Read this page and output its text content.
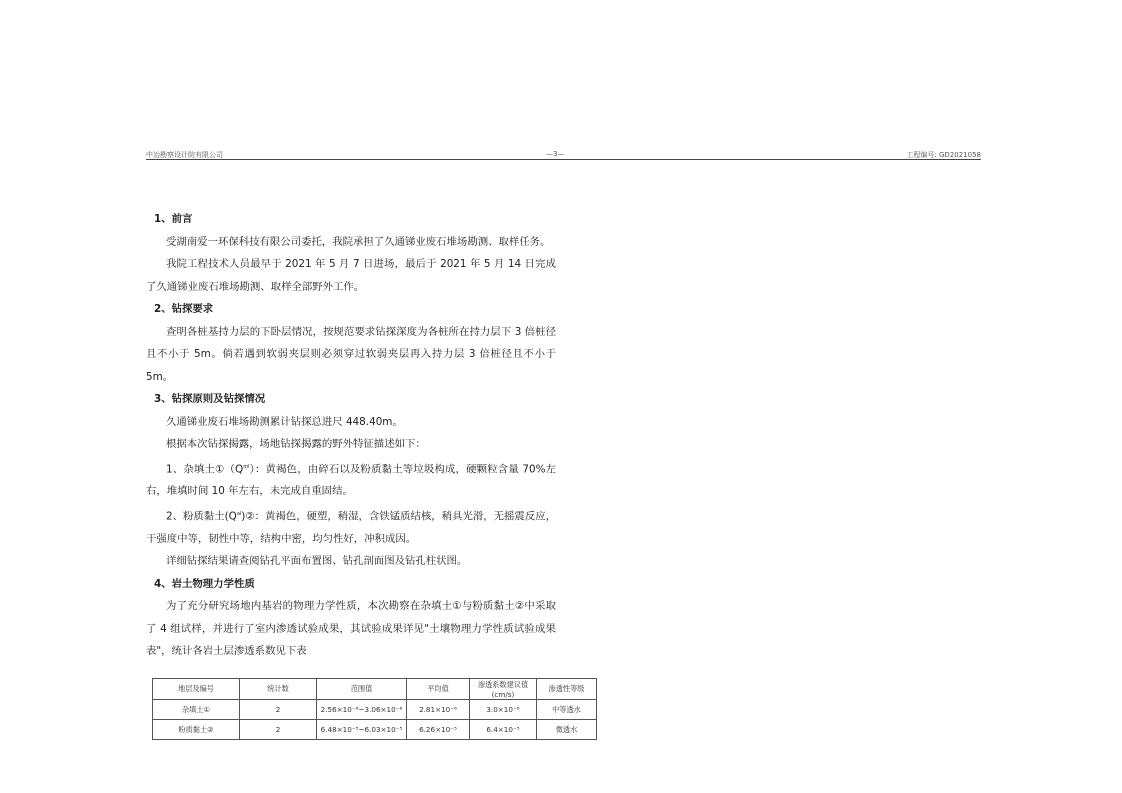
中冶勘察设计院有限公司	—3—	工程编号: GD2021058
1、前言
受湖南爱一环保科技有限公司委托，我院承担了久通锑业废石堆场勘测、取样任务。
我院工程技术人员最早于 2021 年 5 月 7 日进场，最后于 2021 年 5 月 14 日完成了久通锑业废石堆场勘测、取样全部野外工作。
2、钻探要求
查明各桩基持力层的下卧层情况，按规范要求钻探深度为各桩所在持力层下 3 倍桩径且不小于 5m。倘若遇到软弱夹层则必须穿过软弱夹层再入持力层 3 倍桩径且不小于 5m。
3、钻探原则及钻探情况
久通锑业废石堆场勘测累计钻探总进尺 448.40m。
根据本次钻探揭露，场地钻探揭露的野外特征描述如下：
1、杂填土$①(Q^{ml})$：黄褐色，由碎石以及粉质黏土等垃圾构成，硬颗粒含量 70%左右，堆填时间 10 年左右，未完成自重固结。
2、粉质黏土$(Q^{al})②$：黄褐色，硬塑，稍湿，含铁锰质结核，稍具光滑，无摇震反应，干强度中等，韧性中等，结构中密，均匀性好，冲积成因。
详细钻探结果请查阅钻孔平面布置图、钻孔剖面图及钻孔柱状图。
4、岩土物理力学性质
为了充分研究场地内基岩的物理力学性质，本次勘察在杂填土①与粉质黏土②中采取了 4 组试样，并进行了室内渗透试验成果，其试验成果详见"土壤物理力学性质试验成果表"，统计各岩土层渗透系数见下表
地层及编号	统计数	范围值	平均值	渗透系数建议值(cm/s)	渗透性等级
杂填土①	2	2.56×10⁻⁶~3.06×10⁻⁶	2.81×10⁻⁶	3.0×10⁻⁶	中等透水
粉质黏土②	2	6.48×10⁻⁵~6.03×10⁻⁵	6.26×10⁻⁵	6.4×10⁻⁵	微透水
